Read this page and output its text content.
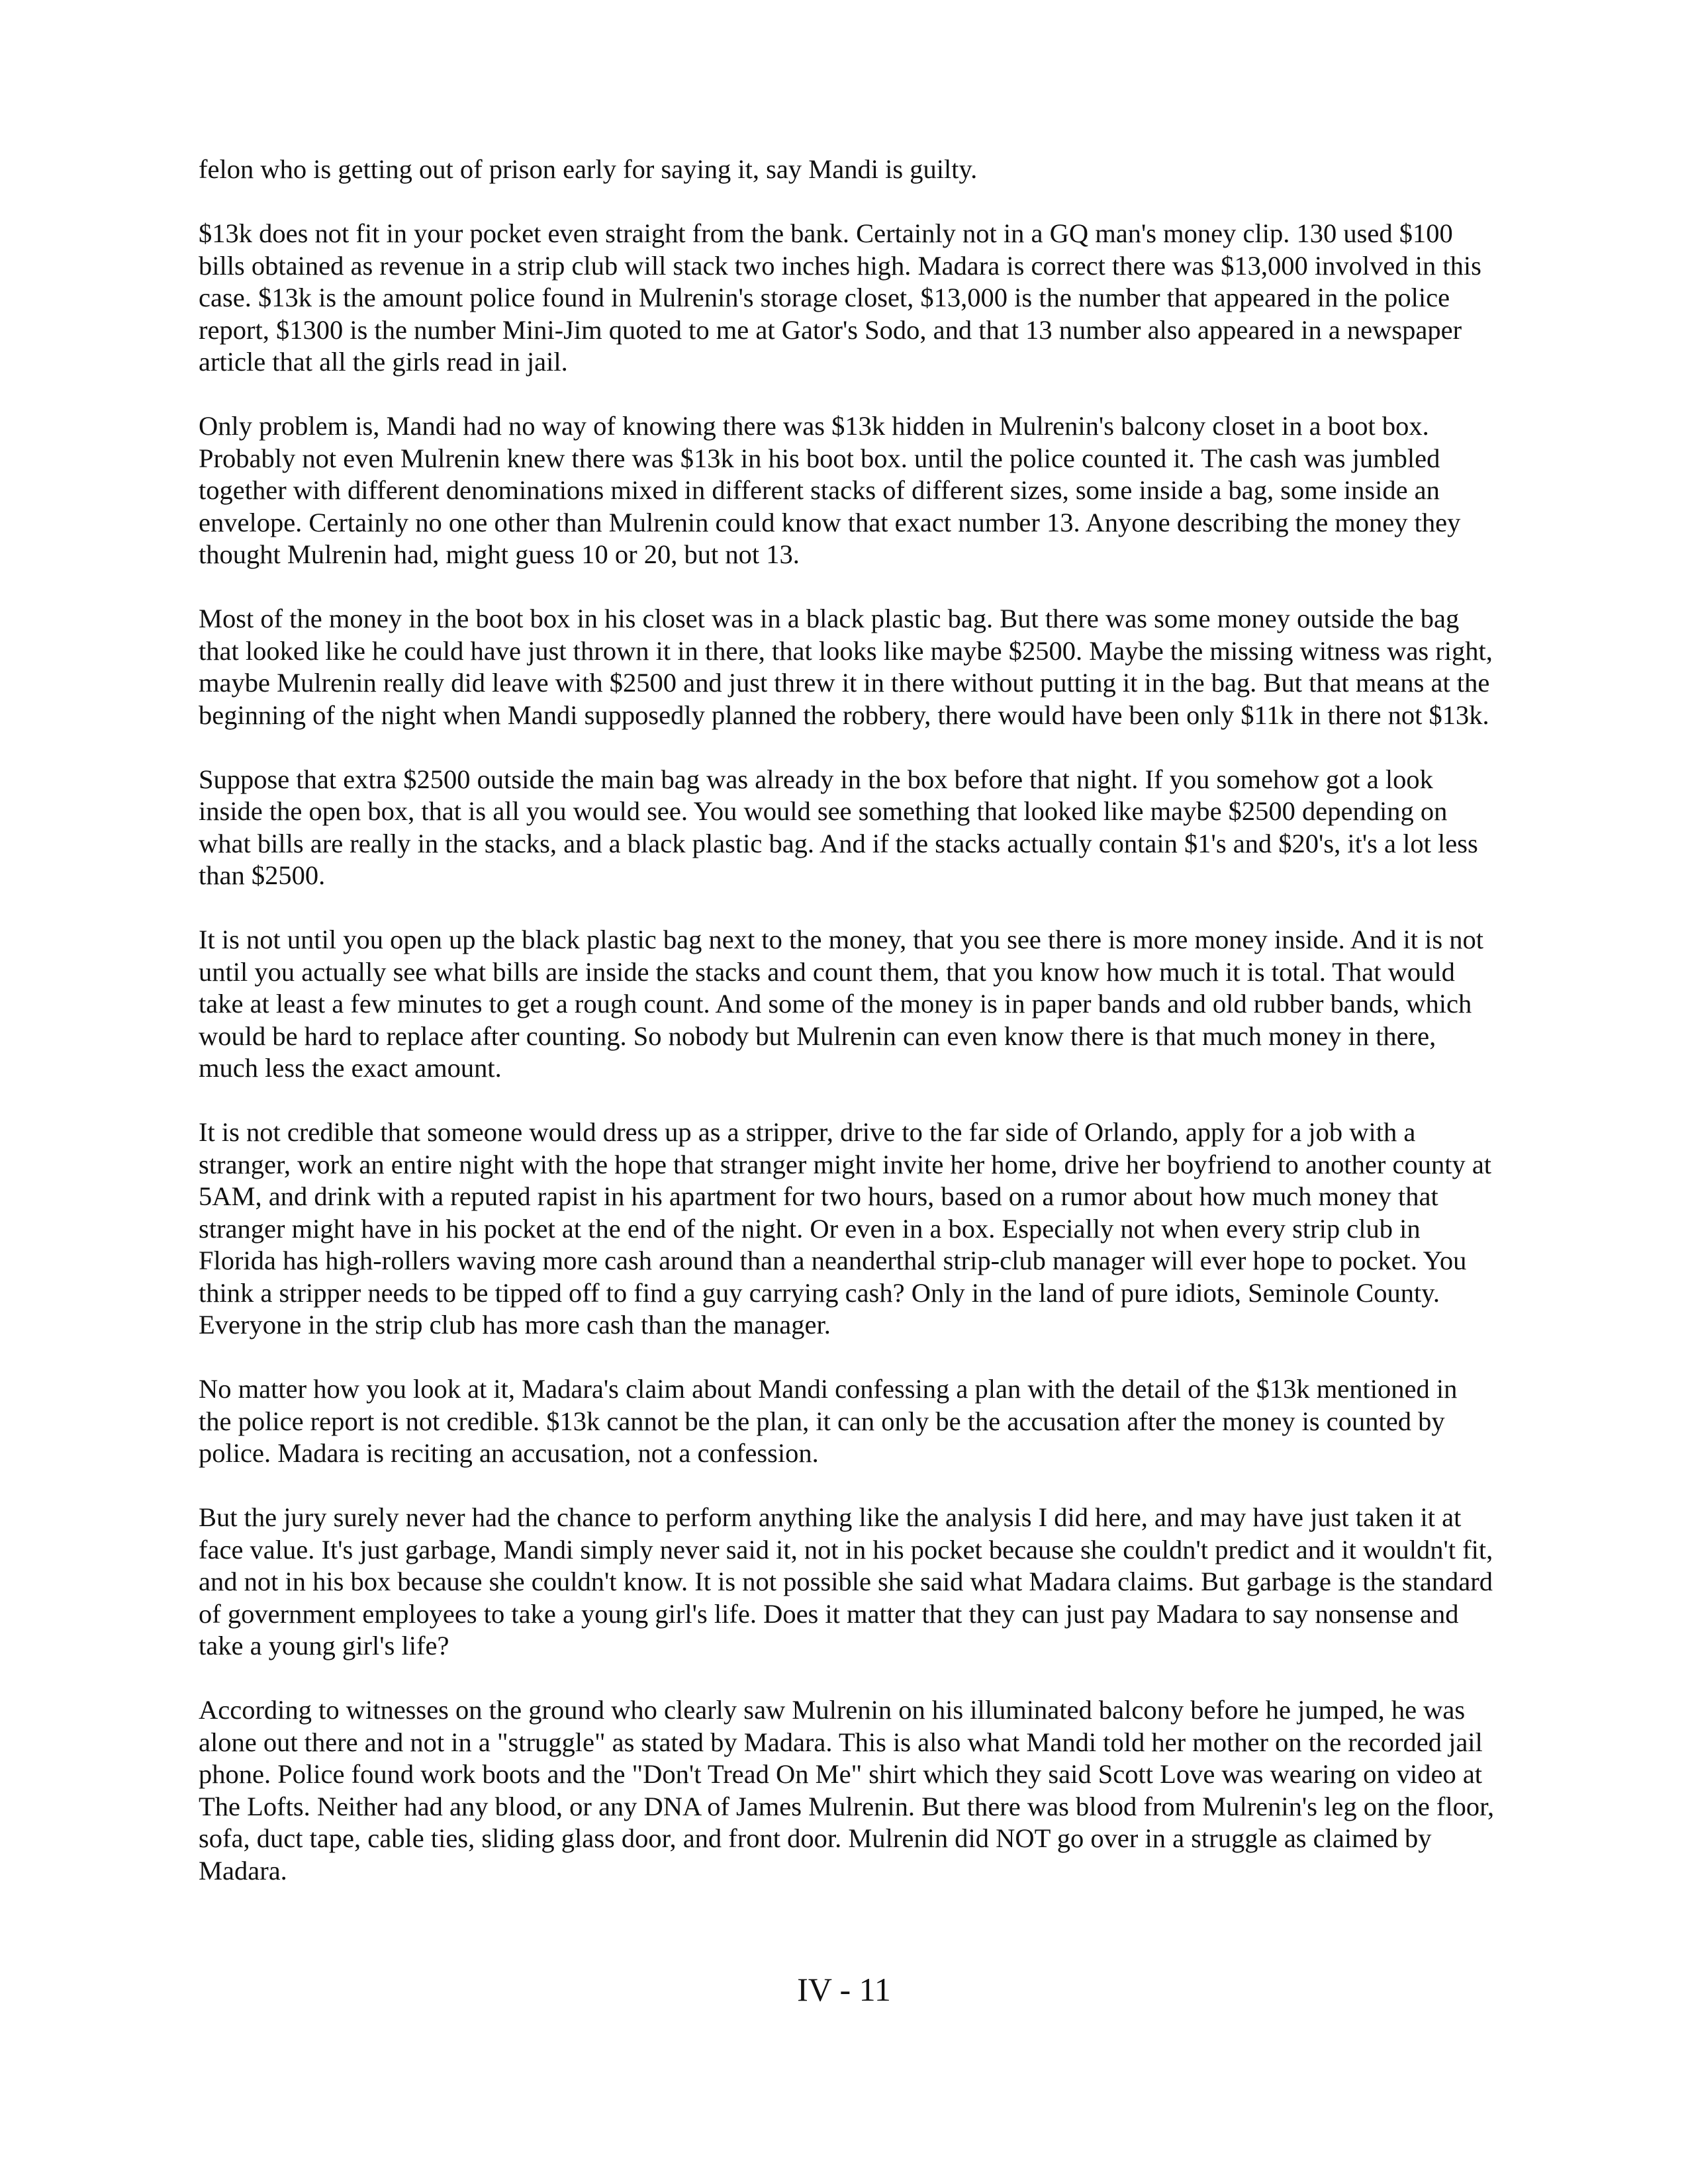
felon who is getting out of prison early for saying it, say Mandi is guilty.

$13k does not fit in your pocket even straight from the bank. Certainly not in a GQ man's money clip. 130 used $100 bills obtained as revenue in a strip club will stack two inches high. Madara is correct there was $13,000 involved in this case. $13k is the amount police found in Mulrenin's storage closet, $13,000 is the number that appeared in the police report, $1300 is the number Mini-Jim quoted to me at Gator's Sodo, and that 13 number also appeared in a newspaper article that all the girls read in jail.

Only problem is, Mandi had no way of knowing there was $13k hidden in Mulrenin's balcony closet in a boot box. Probably not even Mulrenin knew there was $13k in his boot box. until the police counted it. The cash was jumbled together with different denominations mixed in different stacks of different sizes, some inside a bag, some inside an envelope. Certainly no one other than Mulrenin could know that exact number 13. Anyone describing the money they thought Mulrenin had, might guess 10 or 20, but not 13.

Most of the money in the boot box in his closet was in a black plastic bag. But there was some money outside the bag that looked like he could have just thrown it in there, that looks like maybe $2500. Maybe the missing witness was right, maybe Mulrenin really did leave with $2500 and just threw it in there without putting it in the bag. But that means at the beginning of the night when Mandi supposedly planned the robbery, there would have been only $11k in there not $13k.

Suppose that extra $2500 outside the main bag was already in the box before that night. If you somehow got a look inside the open box, that is all you would see. You would see something that looked like maybe $2500 depending on what bills are really in the stacks, and a black plastic bag. And if the stacks actually contain $1's and $20's, it's a lot less than $2500.

It is not until you open up the black plastic bag next to the money, that you see there is more money inside. And it is not until you actually see what bills are inside the stacks and count them, that you know how much it is total. That would take at least a few minutes to get a rough count. And some of the money is in paper bands and old rubber bands, which would be hard to replace after counting. So nobody but Mulrenin can even know there is that much money in there, much less the exact amount.

It is not credible that someone would dress up as a stripper, drive to the far side of Orlando, apply for a job with a stranger, work an entire night with the hope that stranger might invite her home, drive her boyfriend to another county at 5AM, and drink with a reputed rapist in his apartment for two hours, based on a rumor about how much money that stranger might have in his pocket at the end of the night. Or even in a box. Especially not when every strip club in Florida has high-rollers waving more cash around than a neanderthal strip-club manager will ever hope to pocket. You think a stripper needs to be tipped off to find a guy carrying cash? Only in the land of pure idiots, Seminole County. Everyone in the strip club has more cash than the manager.

No matter how you look at it, Madara's claim about Mandi confessing a plan with the detail of the $13k mentioned in the police report is not credible. $13k cannot be the plan, it can only be the accusation after the money is counted by police. Madara is reciting an accusation, not a confession.

But the jury surely never had the chance to perform anything like the analysis I did here, and may have just taken it at face value. It's just garbage, Mandi simply never said it, not in his pocket because she couldn't predict and it wouldn't fit, and not in his box because she couldn't know. It is not possible she said what Madara claims. But garbage is the standard of government employees to take a young girl's life. Does it matter that they can just pay Madara to say nonsense and take a young girl's life?

According to witnesses on the ground who clearly saw Mulrenin on his illuminated balcony before he jumped, he was alone out there and not in a "struggle" as stated by Madara. This is also what Mandi told her mother on the recorded jail phone. Police found work boots and the "Don't Tread On Me" shirt which they said Scott Love was wearing on video at The Lofts. Neither had any blood, or any DNA of James Mulrenin. But there was blood from Mulrenin's leg on the floor, sofa, duct tape, cable ties, sliding glass door, and front door. Mulrenin did NOT go over in a struggle as claimed by Madara.

IV - 11
